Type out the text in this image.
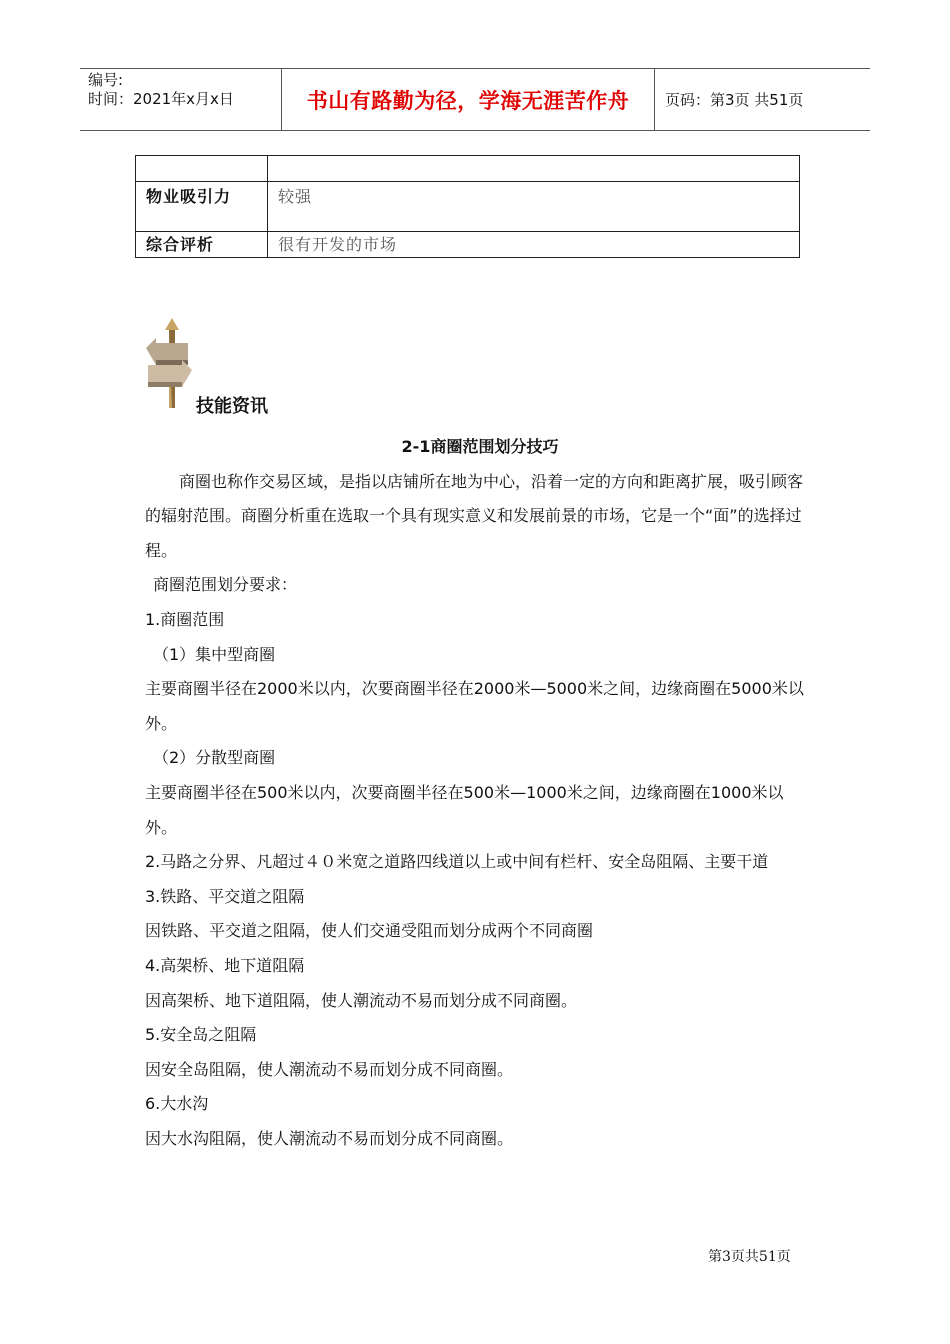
编号:
时间：2021年x月x日	书山有路勤为径，学海无涯苦作舟	页码：第3页 共51页

物业吸引力	较强
综合评析	很有开发的市场
技能资讯

2-1商圈范围划分技巧

商圈也称作交易区域，是指以店铺所在地为中心，沿着一定的方向和距离扩展，吸引顾客的辐射范围。商圈分析重在选取一个具有现实意义和发展前景的市场，它是一个“面”的选择过程。

商圈范围划分要求：

1.商圈范围

（1）集中型商圈

主要商圈半径在2000米以内，次要商圈半径在2000米—5000米之间，边缘商圈在5000米以外。

（2）分散型商圈

主要商圈半径在500米以内，次要商圈半径在500米—1000米之间，边缘商圈在1000米以外。

2.马路之分界、凡超过４０米宽之道路四线道以上或中间有栏杆、安全岛阻隔、主要干道

3.铁路、平交道之阻隔

因铁路、平交道之阻隔，使人们交通受阻而划分成两个不同商圈

4.高架桥、地下道阻隔

因高架桥、地下道阻隔，使人潮流动不易而划分成不同商圈。

5.安全岛之阻隔

因安全岛阻隔，使人潮流动不易而划分成不同商圈。

6.大水沟

因大水沟阻隔，使人潮流动不易而划分成不同商圈。

第3页共51页
